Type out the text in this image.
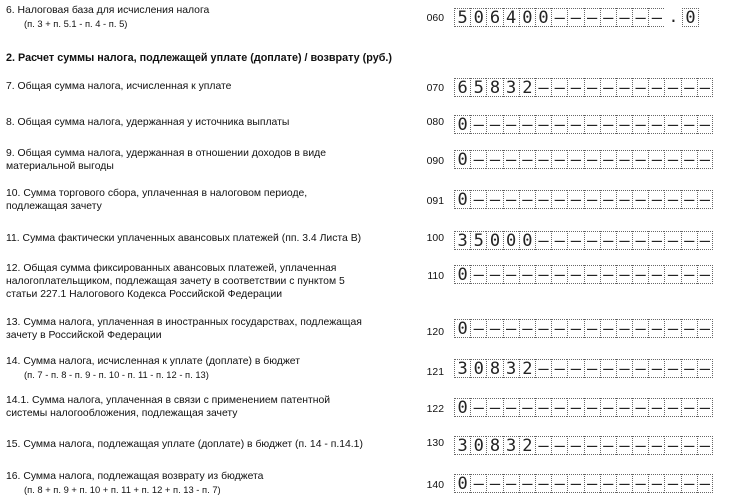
6. Налоговая база для исчисления налога
(п. 3 + п. 5.1 - п. 4 - п. 5)	060 5 0 6 4 0 0 – – – – – – – . 0
7. Общая сумма налога, исчисленная к уплате	070 6 5 8 3 2 – – – – – – – – – – –
8. Общая сумма налога, удержанная у источника выплаты	080 0 – – – – – – – – – – – – – – –
9. Общая сумма налога, удержанная в отношении доходов в виде
материальной выгоды	090 0 – – – – – – – – – – – – – – –
10. Сумма торгового сбора, уплаченная в налоговом периоде,
подлежащая зачету	091 0 – – – – – – – – – – – – – – –
11. Сумма фактически уплаченных авансовых платежей (пп. 3.4 Листа В)	100 3 5 0 0 0 – – – – – – – – – – –
12. Общая сумма фиксированных авансовых платежей, уплаченная
налогоплательщиком, подлежащая зачету в соответствии с пунктом 5
статьи 227.1 Налогового Кодекса Российской Федерации
110 0 – – – – – – – – – – – – – – –
13. Сумма налога, уплаченная в иностранных государствах, подлежащая
зачету в Российской Федерации	120 0 – – – – – – – – – – – – – – –
14. Сумма налога, исчисленная к уплате (доплате) в бюджет
(п. 7 - п. 8 - п. 9 - п. 10 - п. 11 - п. 12 - п. 13)	121 3 0 8 3 2 – – – – – – – – – – –
14.1. Сумма налога, уплаченная в связи с применением патентной
системы налогообложения, подлежащая зачету	122 0 – – – – – – – – – – – – – – –
15. Сумма налога, подлежащая уплате (доплате) в бюджет (п. 14 - п.14.1)	130 3 0 8 3 2 – – – – – – – – – – –
16. Сумма налога, подлежащая возврату из бюджета
(п. 8 + п. 9 + п. 10 + п. 11 + п. 12 + п. 13 - п. 7)	140 0 – – – – – – – – – – – – – – –
2. Расчет суммы налога, подлежащей уплате (доплате) / возврату (руб.)
